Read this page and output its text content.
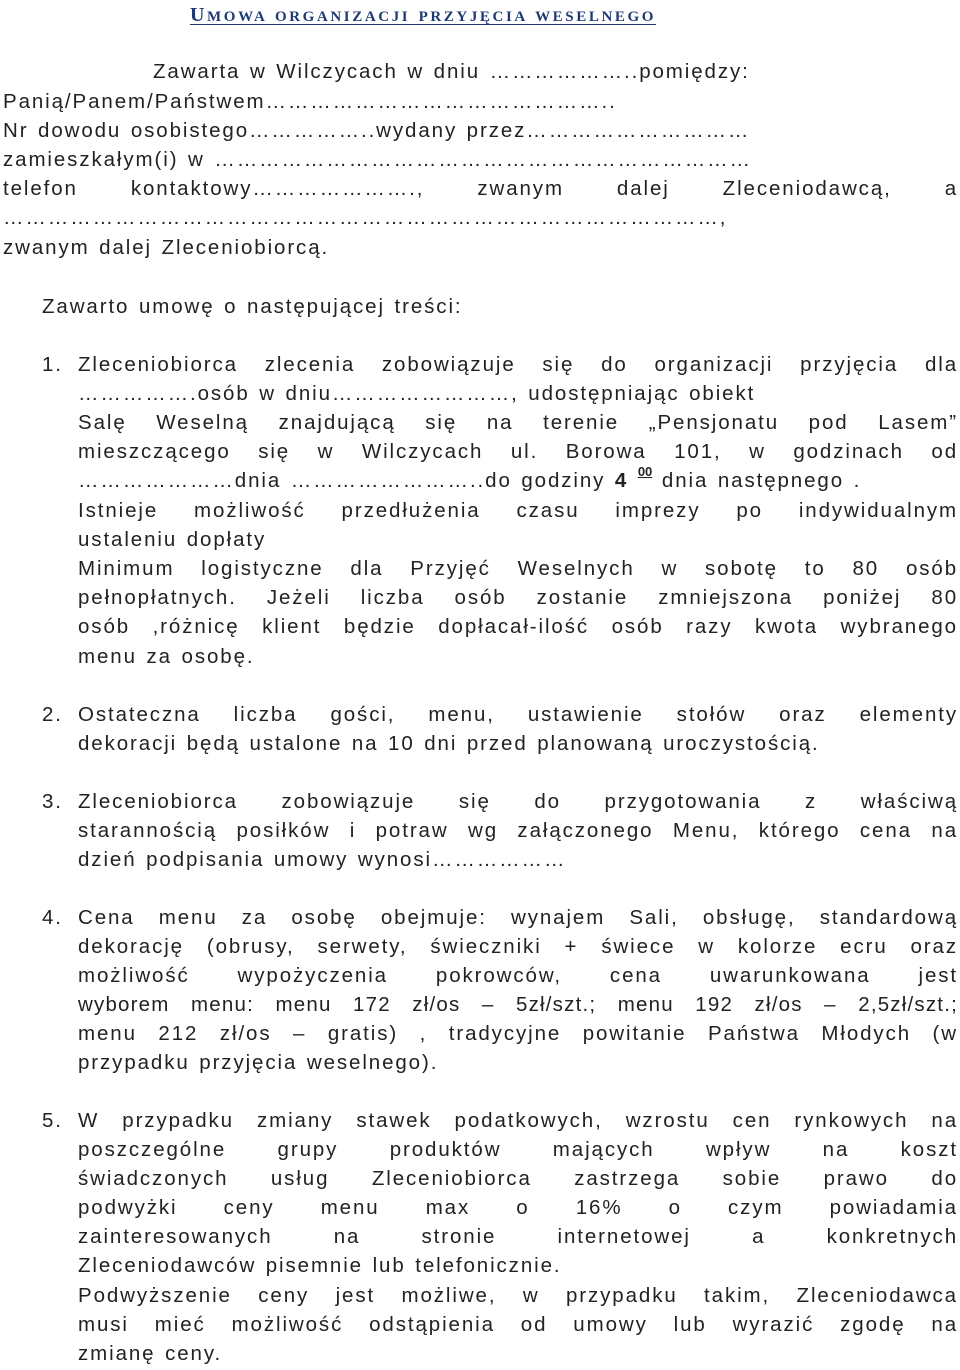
UMOWA ORGANIZACJI PRZYJĘCIA WESELNEGO
Zawarta w Wilczycach w dniu ………………..pomiędzy:
Panią/Panem/Państwem………………………………………..
Nr dowodu osobistego……………..wydany przez…………………………
zamieszkałym(i) w ………………………………………………………………
telefon kontaktowy…………………., zwanym dalej Zleceniodawcą, a
……………………………………………………………………………………,
zwanym dalej Zleceniobiorcą.
Zawarto umowę o następującej treści:
1. Zleceniobiorca zlecenia zobowiązuje się do organizacji przyjęcia dla
…………….osób w dniu……………………, udostępniając obiekt
Salę Weselną znajdującą się na terenie „Pensjonatu pod Lasem”
mieszczącego się w Wilczycach ul. Borowa 101, w godzinach od
…………………dnia ……………………..do godziny 4 $^{00}$ dnia następnego .
Istnieje możliwość przedłużenia czasu imprezy po indywidualnym
ustaleniu dopłaty
Minimum logistyczne dla Przyjęć Weselnych w sobotę to 80 osób
pełnopłatnych. Jeżeli liczba osób zostanie zmniejszona poniżej 80
osób ,różnicę klient będzie dopłacał-ilość osób razy kwota wybranego
menu za osobę.
2. Ostateczna liczba gości, menu, ustawienie stołów oraz elementy
dekoracji będą ustalone na 10 dni przed planowaną uroczystością.
3. Zleceniobiorca zobowiązuje się do przygotowania z właściwą
starannością posiłków i potraw wg załączonego Menu, którego cena na
dzień podpisania umowy wynosi………………
4. Cena menu za osobę obejmuje: wynajem Sali, obsługę, standardową
dekorację (obrusy, serwety, świeczniki + świece w kolorze ecru oraz
możliwość wypożyczenia pokrowców, cena uwarunkowana jest
wyborem menu: menu 172 zł/os – 5zł/szt.; menu 192 zł/os – 2,5zł/szt.;
menu 212 zł/os – gratis) , tradycyjne powitanie Państwa Młodych (w
przypadku przyjęcia weselnego).
5. W przypadku zmiany stawek podatkowych, wzrostu cen rynkowych na
poszczególne grupy produktów mających wpływ na koszt
świadczonych usług Zleceniobiorca zastrzega sobie prawo do
podwyżki ceny menu max o 16% o czym powiadamia
zainteresowanych na stronie internetowej a konkretnych
Zleceniodawców pisemnie lub telefonicznie.
Podwyższenie ceny jest możliwe, w przypadku takim, Zleceniodawca
musi mieć możliwość odstąpienia od umowy lub wyrazić zgodę na
zmianę ceny.
